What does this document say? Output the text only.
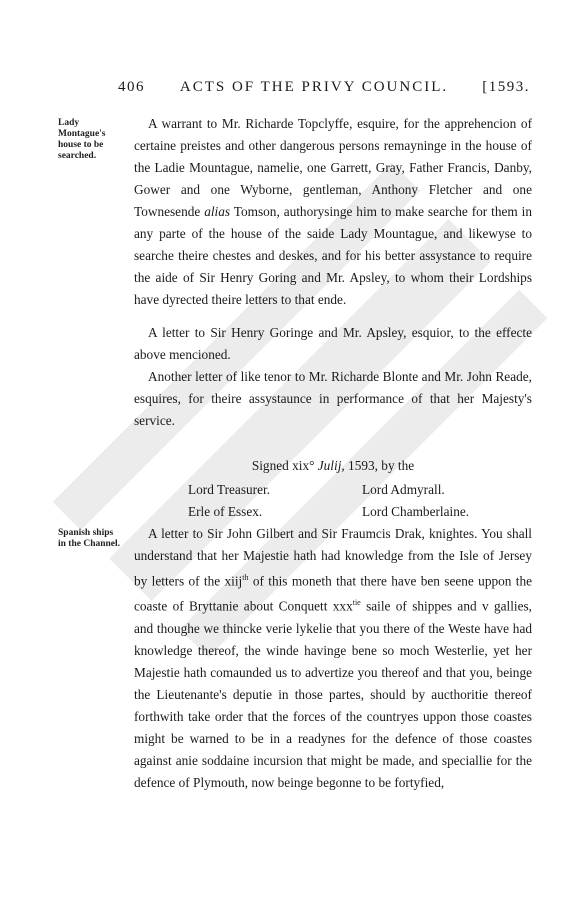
406	ACTS OF THE PRIVY COUNCIL.	[1593.
Lady Montague's house to be searched.

A warrant to Mr. Richarde Topclyffe, esquire, for the apprehencion of certaine preistes and other dangerous persons remayninge in the house of the Ladie Mountague, namelie, one Garrett, Gray, Father Francis, Danby, Gower and one Wyborne, gentleman, Anthony Fletcher and one Townesende alias Tomson, authorysinge him to make searche for them in any parte of the house of the saide Lady Mountague, and likewyse to searche theire chestes and deskes, and for his better assystance to require the aide of Sir Henry Goring and Mr. Apsley, to whom their Lordships have dyrected theire letters to that ende.

A letter to Sir Henry Goringe and Mr. Apsley, esquior, to the effecte above mencioned.

Another letter of like tenor to Mr. Richarde Blonte and Mr. John Reade, esquires, for theire assystaunce in performance of that her Majesty's service.

Signed xix° Julij, 1593, by the
Lord Treasurer.	Lord Admyrall.
Erle of Essex.	Lord Chamberlaine.
Spanish ships in the Channel.

A letter to Sir John Gilbert and Sir Fraumcis Drak, knightes. You shall understand that her Majestie hath had knowledge from the Isle of Jersey by letters of the xiij$^{th}$ of this moneth that there have ben seene uppon the coaste of Bryttanie about Conquett xxx$^{tie}$ saile of shippes and v gallies, and thoughe we thincke verie lykelie that you there of the Weste have had knowledge thereof, the winde havinge bene so moch Westerlie, yet her Majestie hath comaunded us to advertize you thereof and that you, beinge the Lieutenante's deputie in those partes, should by aucthoritie thereof forthwith take order that the forces of the countryes uppon those coastes might be warned to be in a readynes for the defence of those coastes against anie soddaine incursion that might be made, and speciallie for the defence of Plymouth, now beinge begonne to be fortyfied,
